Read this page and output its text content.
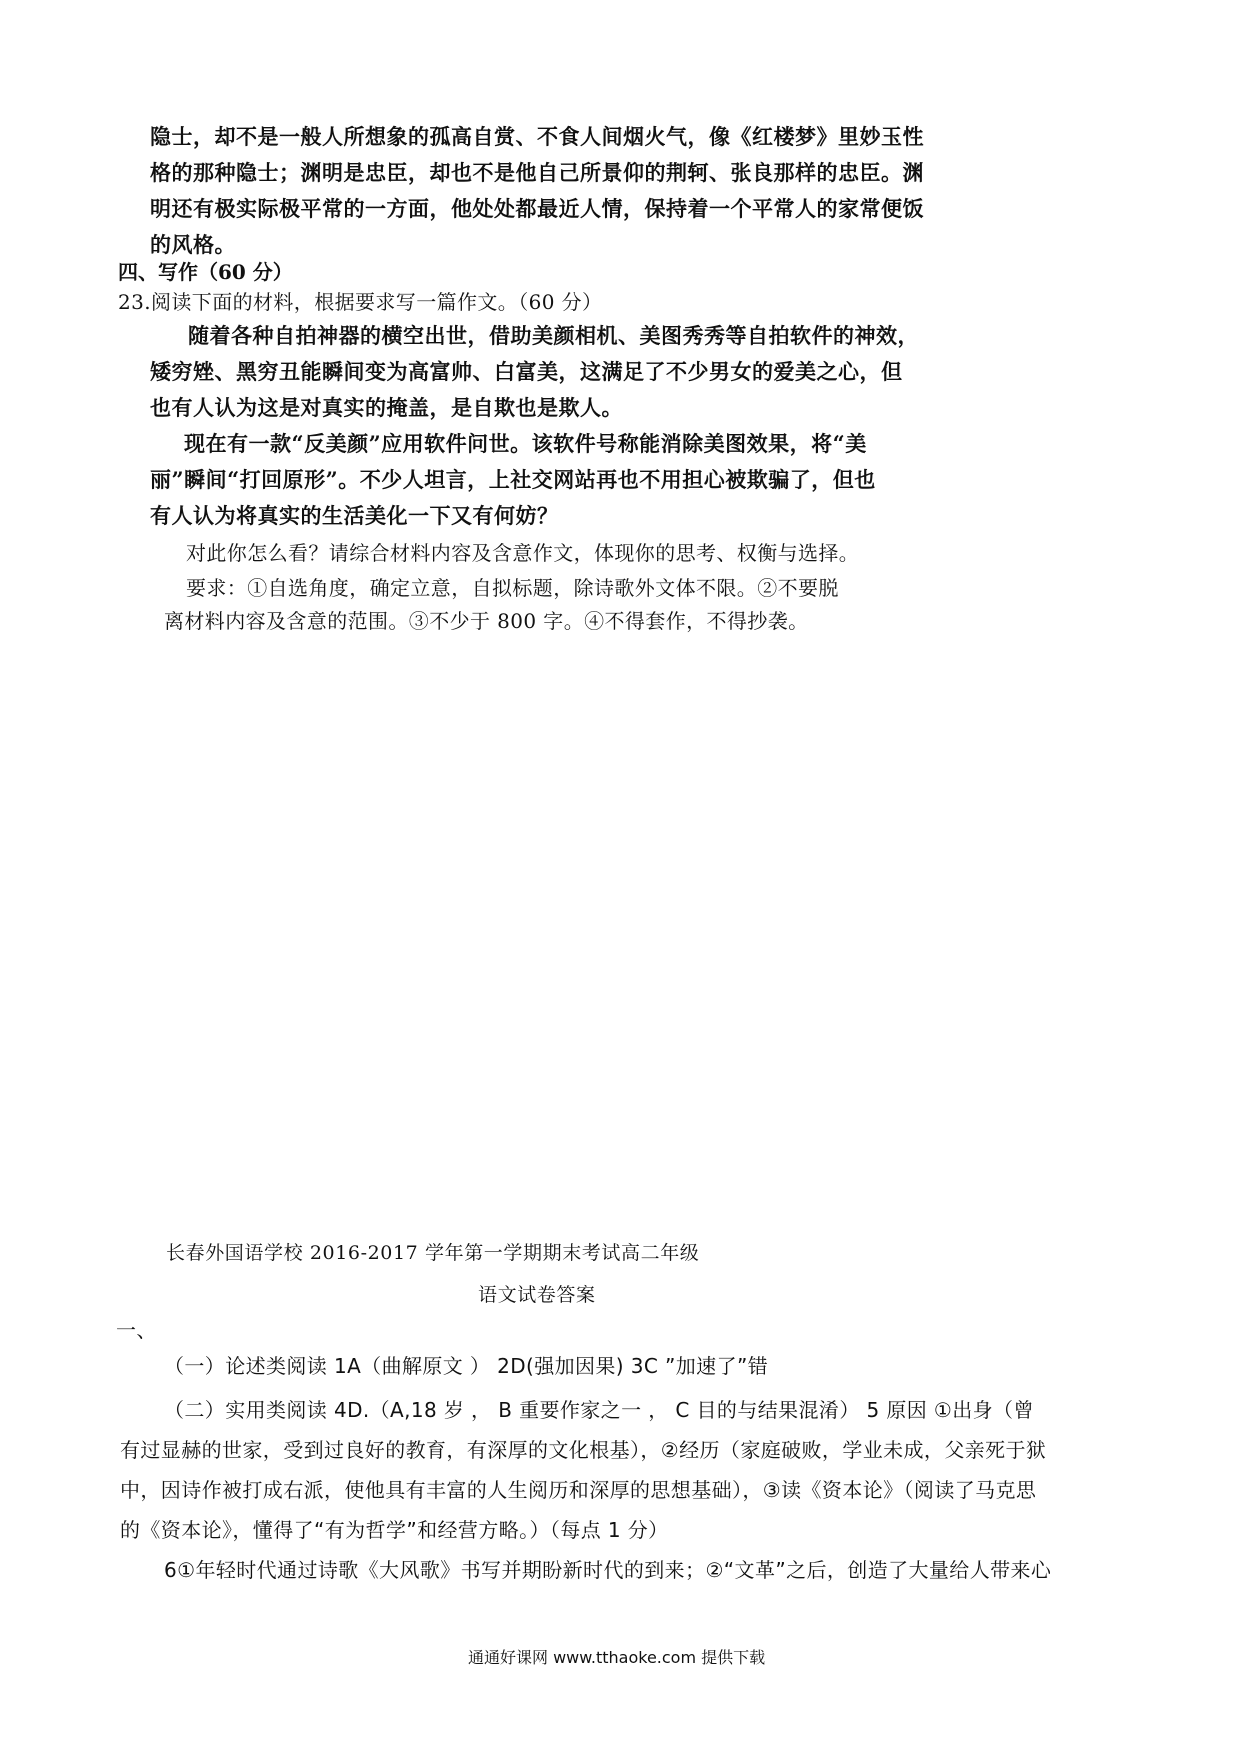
隐士，却不是一般人所想象的孤高自赏、不食人间烟火气，像《红楼梦》里妙玉性
格的那种隐士；渊明是忠臣，却也不是他自己所景仰的荆轲、张良那样的忠臣。渊
明还有极实际极平常的一方面，他处处都最近人情，保持着一个平常人的家常便饭
的风格。
四、写作（60 分）
23.阅读下面的材料，根据要求写一篇作文。（60 分）
随着各种自拍神器的横空出世，借助美颜相机、美图秀秀等自拍软件的神效，
矮穷矬、黑穷丑能瞬间变为高富帅、白富美，这满足了不少男女的爱美之心，但
也有人认为这是对真实的掩盖，是自欺也是欺人。
现在有一款“反美颜”应用软件问世。该软件号称能消除美图效果，将“美
丽”瞬间“打回原形”。不少人坦言，上社交网站再也不用担心被欺骗了，但也
有人认为将真实的生活美化一下又有何妨？
对此你怎么看？请综合材料内容及含意作文，体现你的思考、权衡与选择。
要求：①自选角度，确定立意，自拟标题，除诗歌外文体不限。②不要脱
离材料内容及含意的范围。③不少于 800 字。④不得套作，不得抄袭。
长春外国语学校 2016-2017 学年第一学期期末考试高二年级
语文试卷答案
一、
（一）论述类阅读 1A（曲解原文 ） 2D(强加因果) 3C ”加速了”错
（二）实用类阅读 4D.（A,18 岁 ， B 重要作家之一 ， C 目的与结果混淆） 5 原因 ①出身（曾
有过显赫的世家，受到过良好的教育，有深厚的文化根基），②经历（家庭破败，学业未成，父亲死于狱
中，因诗作被打成右派，使他具有丰富的人生阅历和深厚的思想基础），③读《资本论》（阅读了马克思
的《资本论》，懂得了“有为哲学”和经营方略。）（每点 1 分）
6①年轻时代通过诗歌《大风歌》书写并期盼新时代的到来；②“文革”之后，创造了大量给人带来心
通通好课网 www.tthaoke.com 提供下载
